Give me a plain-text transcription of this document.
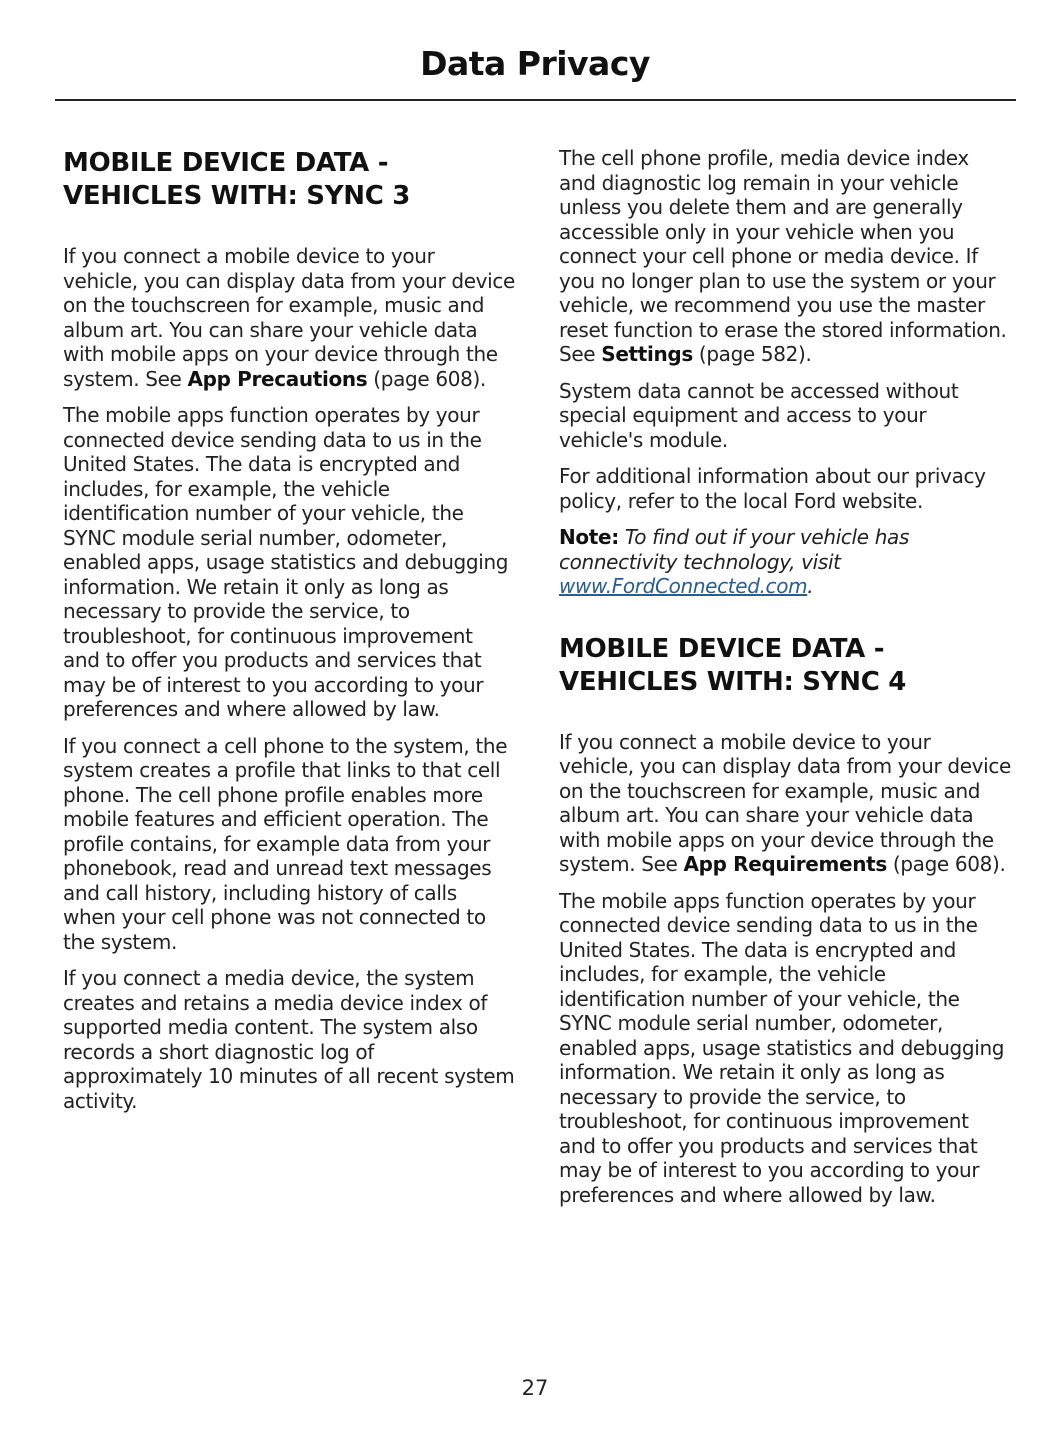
Data Privacy
MOBILE DEVICE DATA - VEHICLES WITH: SYNC 3

If you connect a mobile device to your vehicle, you can display data from your device on the touchscreen for example, music and album art. You can share your vehicle data with mobile apps on your device through the system. See App Precautions (page 608).

The mobile apps function operates by your connected device sending data to us in the United States. The data is encrypted and includes, for example, the vehicle identification number of your vehicle, the SYNC module serial number, odometer, enabled apps, usage statistics and debugging information. We retain it only as long as necessary to provide the service, to troubleshoot, for continuous improvement and to offer you products and services that may be of interest to you according to your preferences and where allowed by law.

If you connect a cell phone to the system, the system creates a profile that links to that cell phone. The cell phone profile enables more mobile features and efficient operation. The profile contains, for example data from your phonebook, read and unread text messages and call history, including history of calls when your cell phone was not connected to the system.

If you connect a media device, the system creates and retains a media device index of supported media content. The system also records a short diagnostic log of approximately 10 minutes of all recent system activity.

The cell phone profile, media device index and diagnostic log remain in your vehicle unless you delete them and are generally accessible only in your vehicle when you connect your cell phone or media device. If you no longer plan to use the system or your vehicle, we recommend you use the master reset function to erase the stored information. See Settings (page 582).

System data cannot be accessed without special equipment and access to your vehicle's module.

For additional information about our privacy policy, refer to the local Ford website.

Note: To find out if your vehicle has connectivity technology, visit www.FordConnected.com.

MOBILE DEVICE DATA - VEHICLES WITH: SYNC 4

If you connect a mobile device to your vehicle, you can display data from your device on the touchscreen for example, music and album art. You can share your vehicle data with mobile apps on your device through the system. See App Requirements (page 608).

The mobile apps function operates by your connected device sending data to us in the United States. The data is encrypted and includes, for example, the vehicle identification number of your vehicle, the SYNC module serial number, odometer, enabled apps, usage statistics and debugging information. We retain it only as long as necessary to provide the service, to troubleshoot, for continuous improvement and to offer you products and services that may be of interest to you according to your preferences and where allowed by law.

27
